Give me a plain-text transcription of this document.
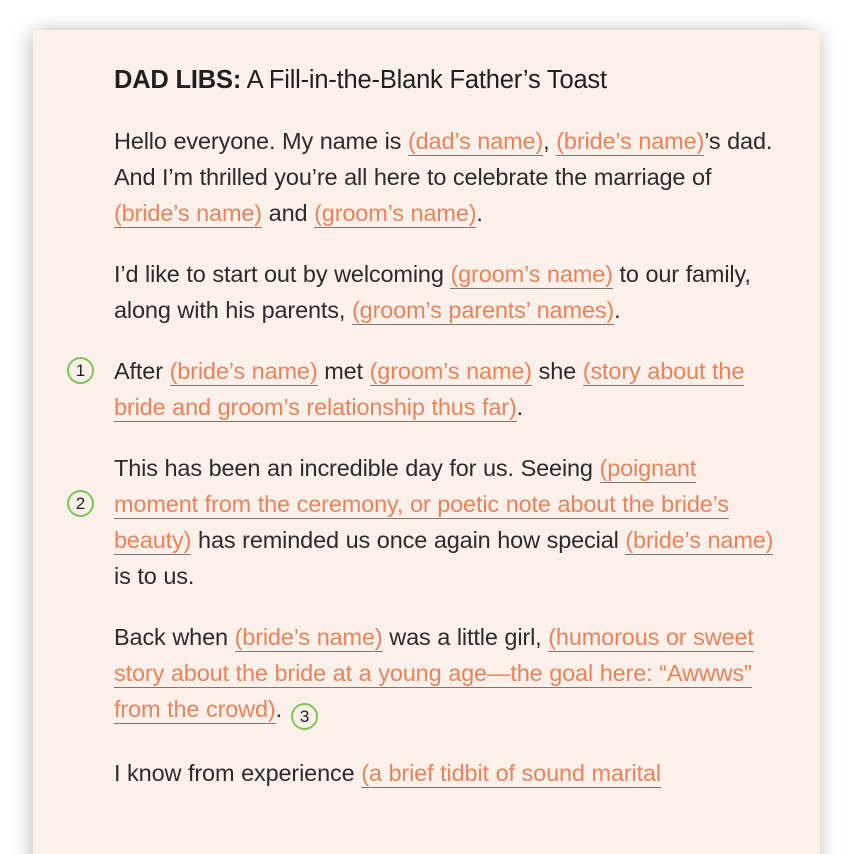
DAD LIBS: A Fill-in-the-Blank Father’s Toast

Hello everyone. My name is (dad’s name), (bride’s name)’s dad. And I’m thrilled you’re all here to celebrate the marriage of (bride’s name) and (groom’s name).

I’d like to start out by welcoming (groom’s name) to our family, along with his parents, (groom’s parents’ names).

1	After (bride’s name) met (groom’s name) she (story about the bride and groom’s relationship thus far).

2

This has been an incredible day for us. Seeing (poignant moment from the ceremony, or poetic note about the bride’s beauty) has reminded us once again how special (bride’s name) is to us.

Back when (bride’s name) was a little girl, (humorous or sweet story about the bride at a young age—the goal here: “Awwws” from the crowd). 3

I know from experience (a brief tidbit of sound marital
